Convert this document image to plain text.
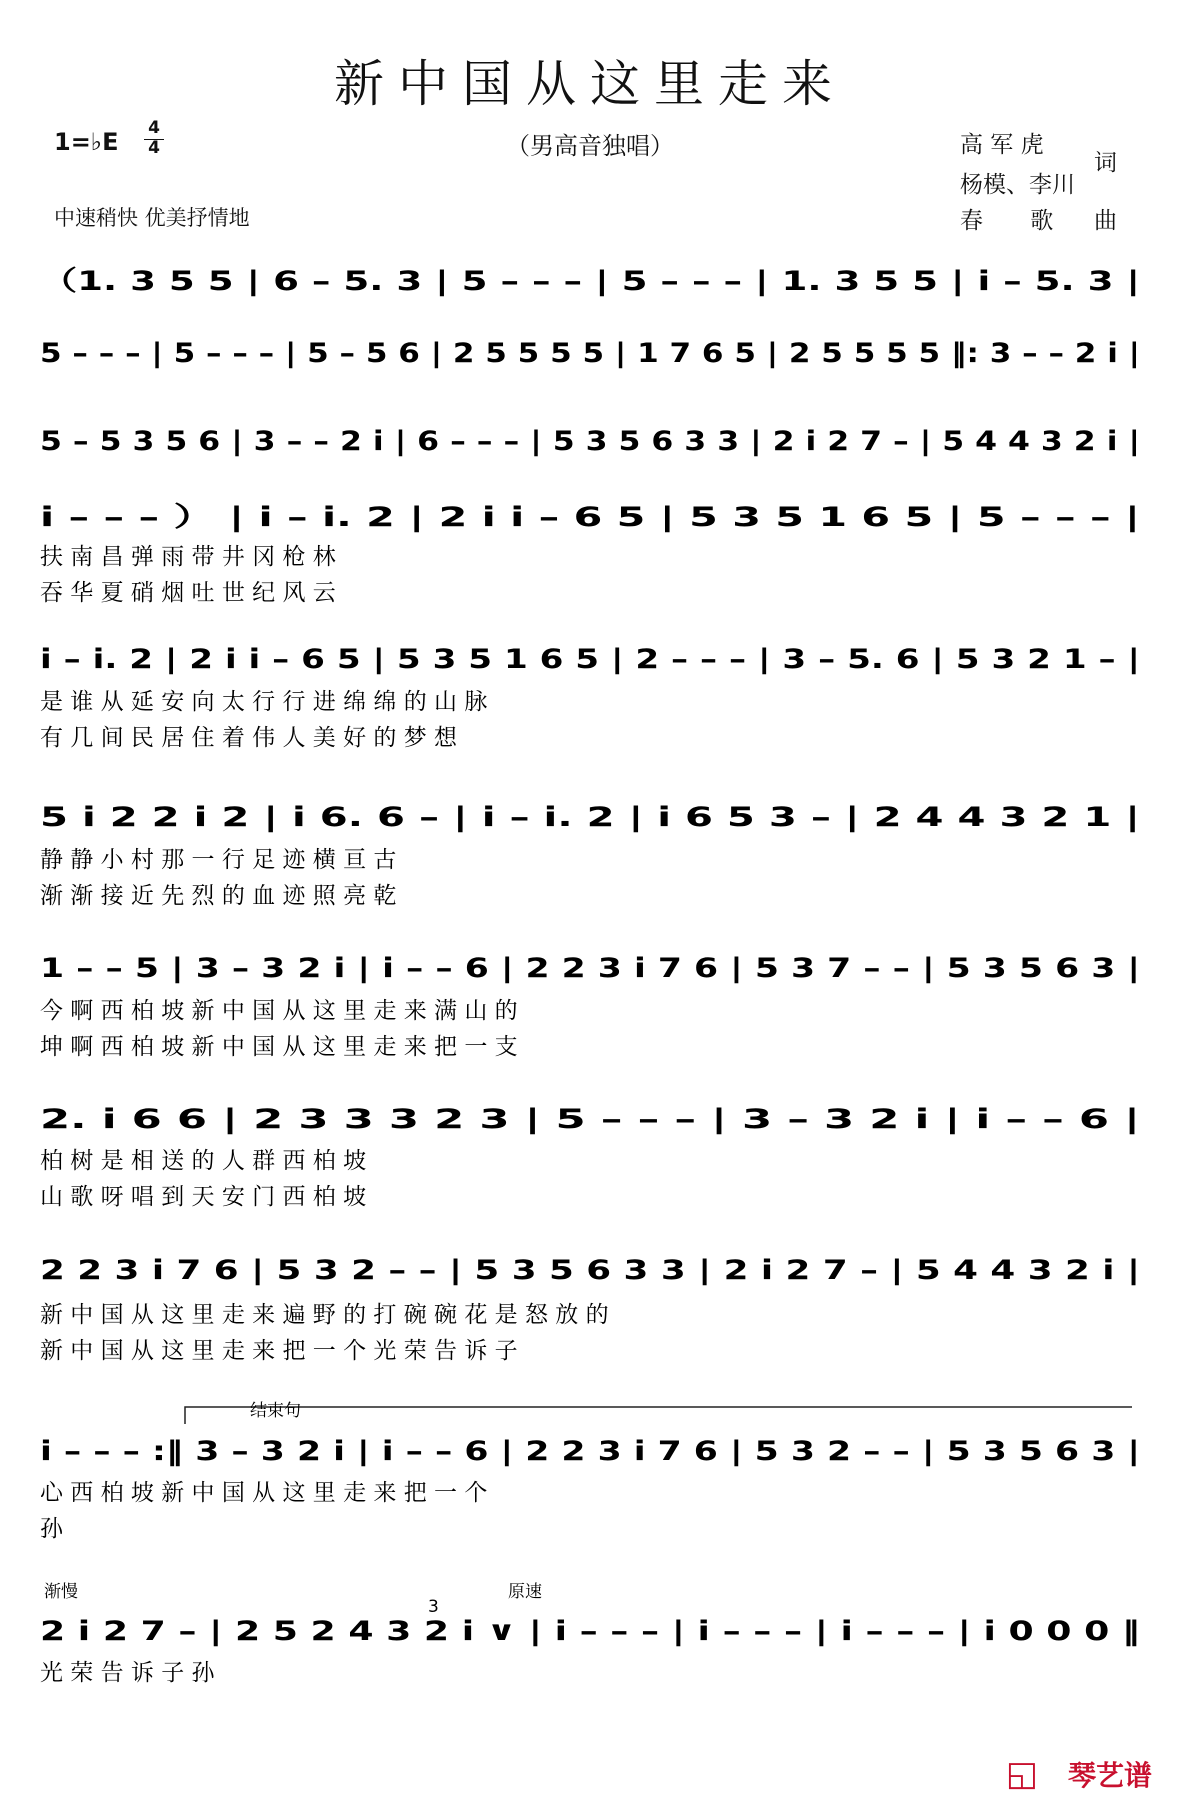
新中国从这里走来
（男高音独唱）
1=♭E 4
4
中速稍快 优美抒情地
高 军 虎
杨模、李川
词
春 歌 曲
结束句
渐慢	原速
3
（1. 3 5 5 | 6 – 5. 3 | 5 – – – | 5 – – – | 1. 3 5 5 | i – 5. 3 |
5 – – – | 5 – – – | 5 – 5 6 | 2 5 5 5 5 | 1 7 6 5 | 2 5 5 5 5 ‖: 3 – – 2 i |
5 – 5 3 5 6 | 3 – – 2 i | 6 – – – | 5 3 5 6 3 3 | 2 i 2 7 – | 5 4 4 3 2 i |
i – – – ） | i – i. 2 | 2 i i – 6 5 | 5 3 5 1 6 5 | 5 – – – |
扶 南 昌 弹 雨 带 井 冈 枪 林
吞 华 夏 硝 烟 吐 世 纪 风 云
i – i. 2 | 2 i i – 6 5 | 5 3 5 1 6 5 | 2 – – – | 3 – 5. 6 | 5 3 2 1 – |
是 谁 从 延 安 向 太 行 行 进 绵 绵 的 山 脉
有 几 间 民 居 住 着 伟 人 美 好 的 梦 想
5 i 2 2 i 2 | i 6. 6 – | i – i. 2 | i 6 5 3 – | 2 4 4 3 2 1 |
静 静 小 村 那 一 行 足 迹 横 亘 古
渐 渐 接 近 先 烈 的 血 迹 照 亮 乾
1 – – 5 | 3 – 3 2 i | i – – 6 | 2 2 3 i 7 6 | 5 3 7 – – | 5 3 5 6 3 |
今 啊 西 柏 坡 新 中 国 从 这 里 走 来 满 山 的
坤 啊 西 柏 坡 新 中 国 从 这 里 走 来 把 一 支
2. i 6 6 | 2 3 3 3 2 3 | 5 – – – | 3 – 3 2 i | i – – 6 |
柏 树 是 相 送 的 人 群 西 柏 坡
山 歌 呀 唱 到 天 安 门 西 柏 坡
2 2 3 i 7 6 | 5 3 2 – – | 5 3 5 6 3 3 | 2 i 2 7 – | 5 4 4 3 2 i |
新 中 国 从 这 里 走 来 遍 野 的 打 碗 碗 花 是 怒 放 的
新 中 国 从 这 里 走 来 把 一 个 光 荣 告 诉 子
i – – – :‖ 3 – 3 2 i | i – – 6 | 2 2 3 i 7 6 | 5 3 2 – – | 5 3 5 6 3 |
心 西 柏 坡 新 中 国 从 这 里 走 来 把 一 个
孙
2 i 2 7 – | 2 5 2 4 3 2 i ∨ | i – – – | i – – – | i – – – | i 0 0 0 ‖
光 荣 告 诉 子 孙
◱ 琴艺谱
